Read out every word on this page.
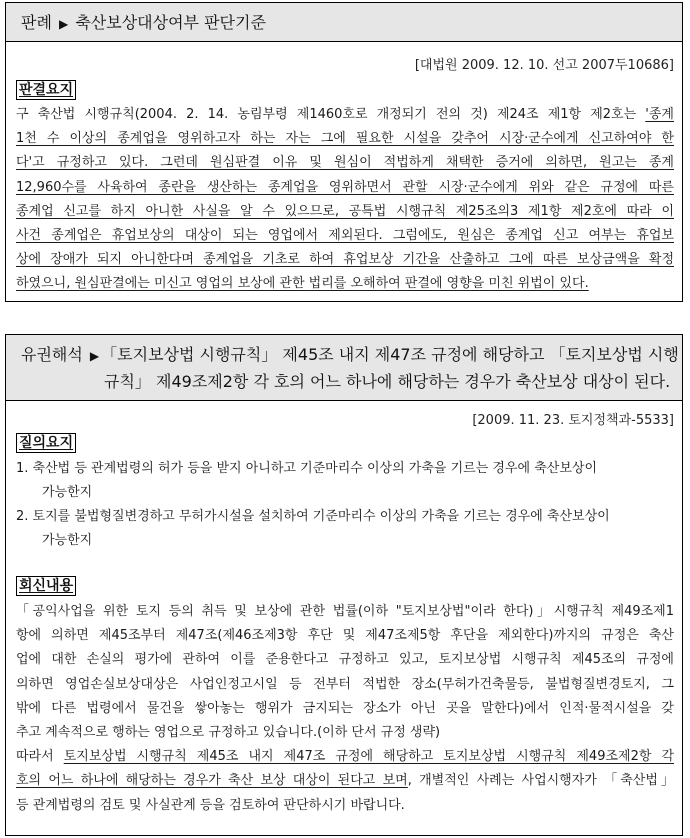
판례 ▶ 축산보상대상여부 판단기준
[대법원 2009. 12. 10. 선고 2007두10686]
판결요지
구 축산법 시행규칙(2004. 2. 14. 농림부령 제1460호로 개정되기 전의 것) 제24조 제1항 제2호는 '종계
1천 수 이상의 종계업을 영위하고자 하는 자는 그에 필요한 시설을 갖추어 시장·군수에게 신고하여야 한
다'고 규정하고 있다. 그런데 원심판결 이유 및 원심이 적법하게 채택한 증거에 의하면, 원고는 종계
12,960수를 사육하여 종란을 생산하는 종계업을 영위하면서 관할 시장·군수에게 위와 같은 규정에 따른
종계업 신고를 하지 아니한 사실을 알 수 있으므로, 공특법 시행규칙 제25조의3 제1항 제2호에 따라 이
사건 종계업은 휴업보상의 대상이 되는 영업에서 제외된다. 그럼에도, 원심은 종계업 신고 여부는 휴업보
상에 장애가 되지 아니한다며 종계업을 기초로 하여 휴업보상 기간을 산출하고 그에 따른 보상금액을 확정
하였으니, 원심판결에는 미신고 영업의 보상에 관한 법리를 오해하여 판결에 영향을 미친 위법이 있다.
유권해석 ▶ 「토지보상법 시행규칙」 제45조 내지 제47조 규정에 해당하고 「토지보상법 시행
규칙」 제49조제2항 각 호의 어느 하나에 해당하는 경우가 축산보상 대상이 된다.
[2009. 11. 23. 토지정책과-5533]
질의요지
1. 축산법 등 관계법령의 허가 등을 받지 아니하고 기준마리수 이상의 가축을 기르는 경우에 축산보상이
가능한지
2. 토지를 불법형질변경하고 무허가시설을 설치하여 기준마리수 이상의 가축을 기르는 경우에 축산보상이
가능한지
회신내용
「공익사업을 위한 토지 등의 취득 및 보상에 관한 법률(이하 "토지보상법"이라 한다)」시행규칙 제49조제1
항에 의하면 제45조부터 제47조(제46조제3항 후단 및 제47조제5항 후단을 제외한다)까지의 규정은 축산
업에 대한 손실의 평가에 관하여 이를 준용한다고 규정하고 있고, 토지보상법 시행규칙 제45조의 규정에
의하면 영업손실보상대상은 사업인정고시일 등 전부터 적법한 장소(무허가건축물등, 불법형질변경토지, 그
밖에 다른 법령에서 물건을 쌓아놓는 행위가 금지되는 장소가 아닌 곳을 말한다)에서 인적·물적시설을 갖
추고 계속적으로 행하는 영업으로 규정하고 있습니다.(이하 단서 규정 생략)
따라서 토지보상법 시행규칙 제45조 내지 제47조 규정에 해당하고 토지보상법 시행규칙 제49조제2항 각
호의 어느 하나에 해당하는 경우가 축산 보상 대상이 된다고 보며, 개별적인 사례는 사업시행자가 「축산법」
등 관계법령의 검토 및 사실관계 등을 검토하여 판단하시기 바랍니다.
